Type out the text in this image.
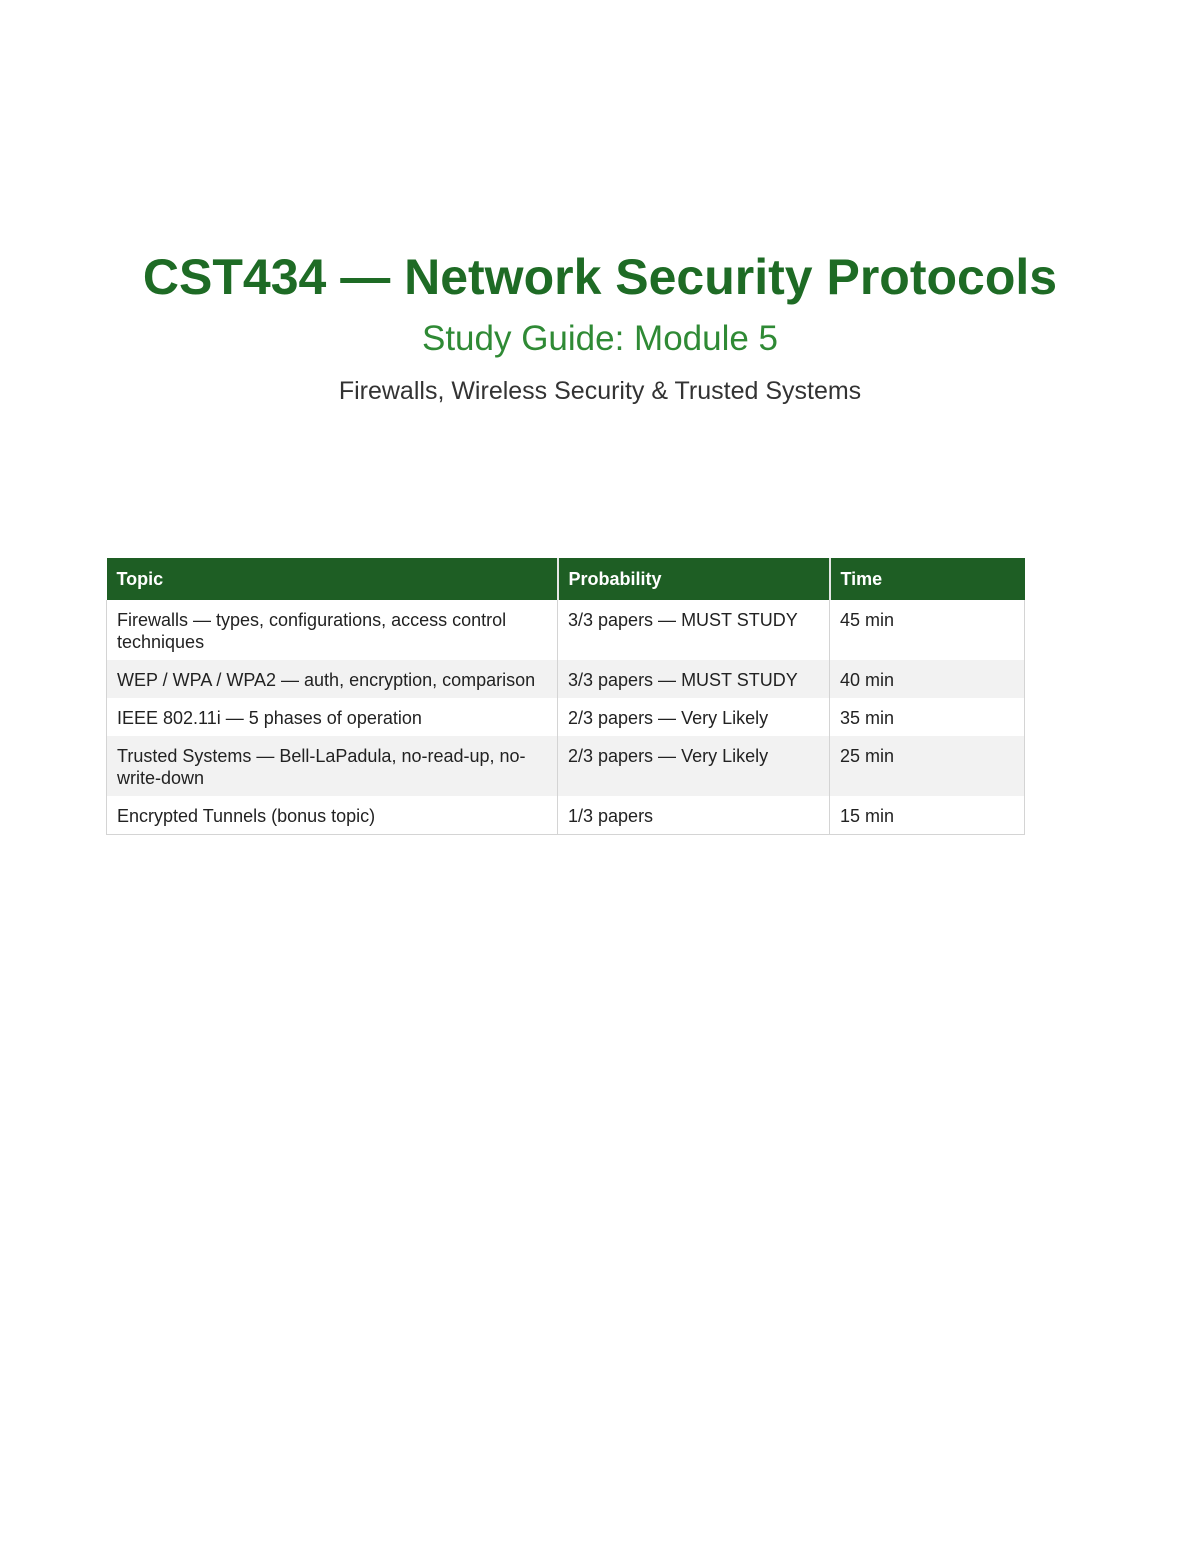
CST434 — Network Security Protocols
Study Guide: Module 5

Firewalls, Wireless Security & Trusted Systems

Topic	Probability	Time
Firewalls — types, configurations, access control techniques	3/3 papers — MUST STUDY	45 min
WEP / WPA / WPA2 — auth, encryption, comparison	3/3 papers — MUST STUDY	40 min
IEEE 802.11i — 5 phases of operation	2/3 papers — Very Likely	35 min
Trusted Systems — Bell-LaPadula, no-read-up, no-write-down	2/3 papers — Very Likely	25 min
Encrypted Tunnels (bonus topic)	1/3 papers	15 min
